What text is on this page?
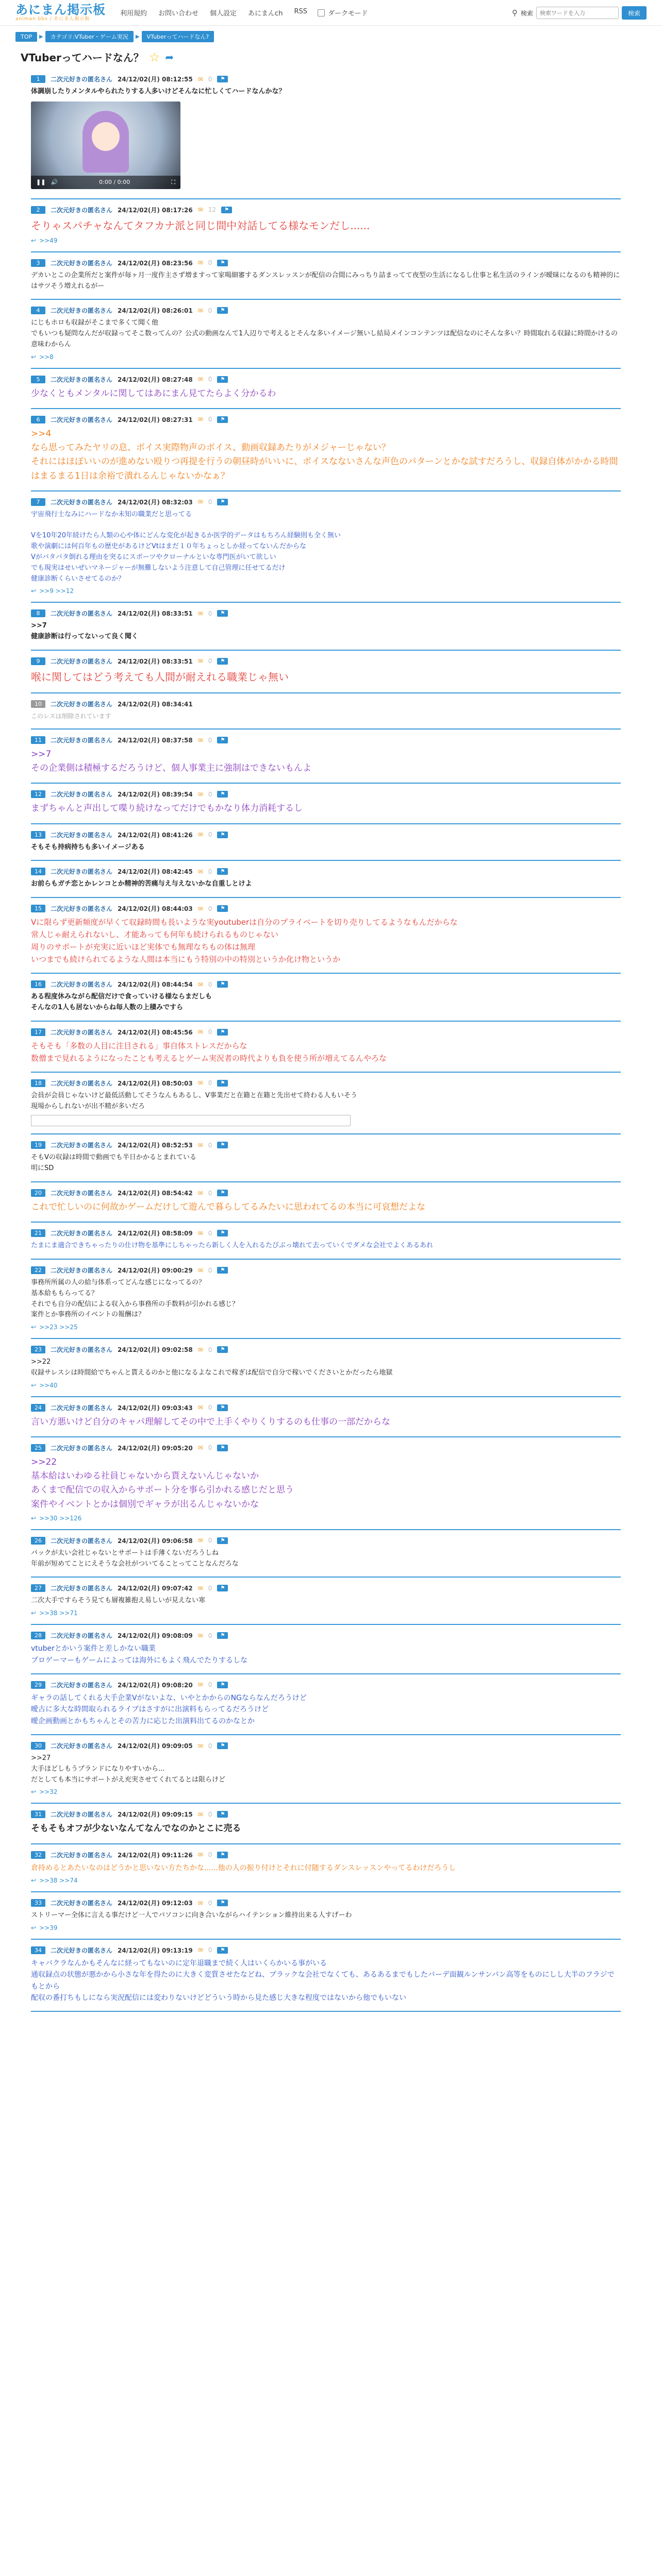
あにまん掲示板
animan bbs / あにまん掲示板
利用規約 お問い合わせ 個人設定 あにまんch RSS	ダークモード	⚲ 検索
検索ワードを入力	検索
TOP	▶	カテゴリ:VTuber・ゲーム実況	▶	VTuberってハードなん?
VTuberってハードなん？ ☆ ➦
1	二次元好きの匿名さん 24/12/02(月) 08:12:55 ✉ 0	⚑
体調崩したりメンタルやられたりする人多いけどそんなに忙しくてハードなんかな？
❚❚ 🔊	0:00 / 0:00	⛶
2	二次元好きの匿名さん 24/12/02(月) 08:17:26 ✉ 12	⚑
そりゃスパチャなんてタフカナ派と同じ間中対話してる様なモンだし......
↩ >>49
3	二次元好きの匿名さん 24/12/02(月) 08:23:56 ✉ 0	⚑
デカいとこの企業所だと案件が毎ヶ月一度作主さず増ますって家喝細審するダンスレッスンが配信の合間にみっちり詰まってて夜型の生活になるし仕事と私生活のラインが曖昧になるのも精神的にはサツそう増えれるがー
4	二次元好きの匿名さん 24/12/02(月) 08:26:01 ✉ 0	⚑
にじもホロも収録がそこまで多くて聞く他
でもいつも疑問なんだが収録ってそこ数ってんの？公式の動画なんて1人辺りで考えるとそんな多いイメージ無いし結局メインコンテンツは配信なのにそんな多い？時間取れる収録に時間かけるの意味わからん
↩ >>8
5	二次元好きの匿名さん 24/12/02(月) 08:27:48 ✉ 0	⚑
少なくともメンタルに関してはあにまん見てたらよく分かるわ
6	二次元好きの匿名さん 24/12/02(月) 08:27:31 ✉ 0	⚑
>>4
なら思ってみたヤリの息、ボイス実際物声のボイス、動画収録あたりがメジャーじゃない？
それにはほぼいいのが進めない殴りつ再提を行うの朝昼時がいいに、ボイスなないさんな声色のパターンとかな試すだろうし、収録自体がかかる時間はまるまる1日は余裕で潰れるんじゃないかなぁ？
7	二次元好きの匿名さん 24/12/02(月) 08:32:03 ✉ 0	⚑
宇宙飛行士なみにハードなか未知の職業だと思ってる

Vを10年20年続けたら人類の心や体にどんな変化が起きるか医学的データはもちろん経験則も全く無い
歌や演劇には何百年もの歴史があるけどVtはまだ１０年ちょっとしか経ってないんだからな
Vがパタパタ倒れる理由を突るにスポーツやクローナルといな専門医がいて欲しい
でも現実はせいぜいマネージャーが無難しないよう注意して自己管理に任せてるだけ
健康診断くらいさせてるのか？
↩ >>9 >>12
8	二次元好きの匿名さん 24/12/02(月) 08:33:51 ✉ 0	⚑
>>7
健康診断は行ってないって良く聞く
9	二次元好きの匿名さん 24/12/02(月) 08:33:51 ✉ 0	⚑
喉に関してはどう考えても人間が耐えれる職業じゃ無い
10	二次元好きの匿名さん 24/12/02(月) 08:34:41
このレスは削除されています
11	二次元好きの匿名さん 24/12/02(月) 08:37:58 ✉ 0	⚑
>>7
その企業側は積極するだろうけど、個人事業主に強制はできないもんよ
12	二次元好きの匿名さん 24/12/02(月) 08:39:54 ✉ 0	⚑
まずちゃんと声出して喋り続けなってだけでもかなり体力消耗するし
13	二次元好きの匿名さん 24/12/02(月) 08:41:26 ✉ 0	⚑
そもそも持病持ちも多いイメージある
14	二次元好きの匿名さん 24/12/02(月) 08:42:45 ✉ 0	⚑
お前らもガチ恋とかレンコとか精神的苦痛与え与えないかな自重しとけよ
15	二次元好きの匿名さん 24/12/02(月) 08:44:03 ✉ 0	⚑
Vに限らず更新頻度が早くて収録時間も長いような実youtuberは自分のプライベートを切り売りしてるようなもんだからな
常人じゃ耐えられないし、才能あっても何年も続けられるものじゃない
周りのサポートが充実に近いほど実体でも無理なちもの体は無理
いつまでも続けられてるような人間は本当にもう特別の中の特別というか化け物というか
16	二次元好きの匿名さん 24/12/02(月) 08:44:54 ✉ 0	⚑
ある程度休みながら配信だけで食っていける様ならまだしも
そんなの1人も居ないからね毎人数の上積みですら
17	二次元好きの匿名さん 24/12/02(月) 08:45:56 ✉ 0	⚑
そもそも「多数の人目に注目される」事自体ストレスだからな
数僧まで見れるようになったことも考えるとゲーム実況者の時代よりも負を使う所が増えてるんやろな
18	二次元好きの匿名さん 24/12/02(月) 08:50:03 ✉ 0	⚑
会員が会員じゃないけど最低活動してそうなんもあるし、V事業だと在籍と在籍と先出せて終わる人もいそう
現場からしれないが出不精が多いだろ
19	二次元好きの匿名さん 24/12/02(月) 08:52:53 ✉ 0	⚑
そもVの収録は時間で動画でも半日かかるとまれている
明にSD
20	二次元好きの匿名さん 24/12/02(月) 08:54:42 ✉ 0	⚑
これで忙しいのに何故かゲームだけして遊んで暮らしてるみたいに思われてるの本当に可哀想だよな
21	二次元好きの匿名さん 24/12/02(月) 08:58:09 ✉ 0	⚑
たまにま適合できちゃったりの仕け物を基準にしちゃったら新しく人を入れるたびぶっ壊れて去っていくでダメな会社でよくあるあれ
22	二次元好きの匿名さん 24/12/02(月) 09:00:29 ✉ 0	⚑
事務所所属の人の給与体系ってどんな感じになってるの？
基本給ももらってる？
それでも自分の配信による収入から事務所の手数料が引かれる感じ？
案件とか事務所のイベントの報酬は？
↩ >>23 >>25
23	二次元好きの匿名さん 24/12/02(月) 09:02:58 ✉ 0	⚑
>>22
収録サレスシは時間給でちゃんと貰えるのかと他になるよなこれで稼ぎは配信で自分で稼いでくださいとかだったら地獄
↩ >>40
24	二次元好きの匿名さん 24/12/02(月) 09:03:43 ✉ 0	⚑
言い方悪いけど自分のキャパ理解してその中で上手くやりくりするのも仕事の一部だからな
25	二次元好きの匿名さん 24/12/02(月) 09:05:20 ✉ 0	⚑
>>22
基本給はいわゆる社員じゃないから貰えないんじゃないか
あくまで配信での収入からサポート分を事ら引かれる感じだと思う
案件やイベントとかは個別でギャラが出るんじゃないかな
↩ >>30 >>126
26	二次元好きの匿名さん 24/12/02(月) 09:06:58 ✉ 0	⚑
バックが太い会社じゃないとサポートは手薄くないだろうしね
年前が短めてことにえそうな会社がついてることってことなんだろな
27	二次元好きの匿名さん 24/12/02(月) 09:07:42 ✉ 0	⚑
二次大手ですらそう見ても層複雑抱え易しいが見えない寒
↩ >>38 >>71
28	二次元好きの匿名さん 24/12/02(月) 09:08:09 ✉ 0	⚑
vtuberとかいう案件と差しかない職業
プロゲーマーもゲームによっては海外にもよく飛んでたりするしな
29	二次元好きの匿名さん 24/12/02(月) 09:08:20 ✉ 0	⚑
ギャラの話してくれる大手企業Vがないよな、いやとかからのNGならなんだろうけど
曖古に多大な時間取られるライブはさすがに出演料もらってるだろうけど
曖企画動画とかもちゃんとその苦力に応じた出演料出てるのかなとか
30	二次元好きの匿名さん 24/12/02(月) 09:09:05 ✉ 0	⚑
>>27
大手ほどしもうプランドになりやすいから...
だとしても本当にサポートがえ充実させてくれてるとは限らけど
↩ >>32
31	二次元好きの匿名さん 24/12/02(月) 09:09:15 ✉ 0	⚑
そもそもオフが少ないなんてなんでなのかとこに売る
32	二次元好きの匿名さん 24/12/02(月) 09:11:26 ✉ 0	⚑
倉持めるとあたいなのはどうかと思いない方たちかな......他の人の振り付けとそれに付随するダンスレッスンやってるわけだろうし
↩ >>38 >>74
33	二次元好きの匿名さん 24/12/02(月) 09:12:03 ✉ 0	⚑
ストリーマー全体に言える事だけど一人でパソコンに向き合いながらハイテンション維持出来る人すげーわ
↩ >>39
34	二次元好きの匿名さん 24/12/02(月) 09:13:19 ✉ 0	⚑
キャバクラなんかもそんなに経ってもないのに定年退職まで続く人はいくらかいる事がいる
通収録点の状態が悪かから小さな年を得たのに大きく変質させたなどね、ブラックな会社でなくても、あるあるまでもしたバーデ面観ルンサンパン高等をものにしし大半のフラジでもとから
配収の番打ちもしになら実況配信には変わりないけどどういう時から見た感じ大きな程度ではないから他でもいない
